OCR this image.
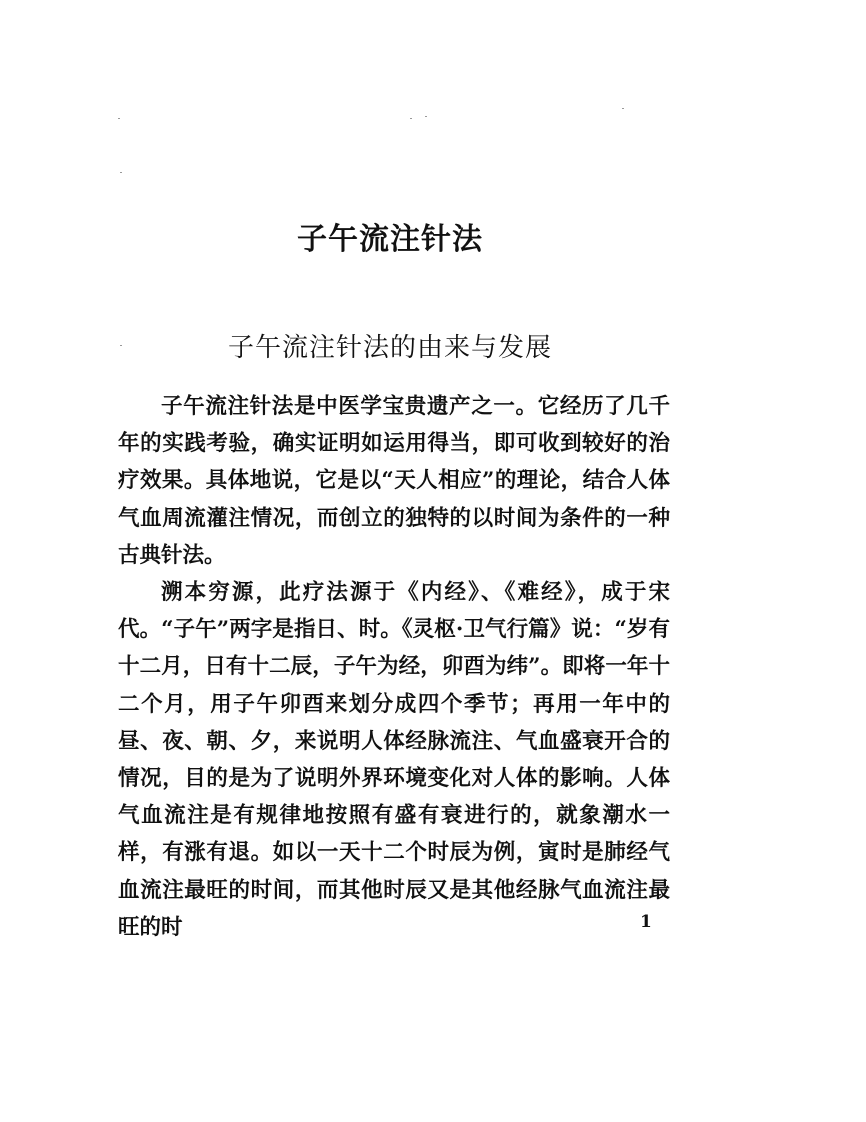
子午流注针法
子午流注针法的由来与发展

子午流注针法是中医学宝贵遗产之一。它经历了几千年的实践考验，确实证明如运用得当，即可收到较好的治疗效果。具体地说，它是以“天人相应”的理论，结合人体气血周流灌注情况，而创立的独特的以时间为条件的一种古典针法。

溯本穷源，此疗法源于《内经》、《难经》，成于宋代。“子午”两字是指日、时。《灵枢·卫气行篇》说：“岁有十二月，日有十二辰，子午为经，卯酉为纬”。即将一年十二个月，用子午卯酉来划分成四个季节；再用一年中的昼、夜、朝、夕，来说明人体经脉流注、气血盛衰开合的情况，目的是为了说明外界环境变化对人体的影响。人体气血流注是有规律地按照有盛有衰进行的，就象潮水一样，有涨有退。如以一天十二个时辰为例，寅时是肺经气血流注最旺的时间，而其他时辰又是其他经脉气血流注最旺的时	1
